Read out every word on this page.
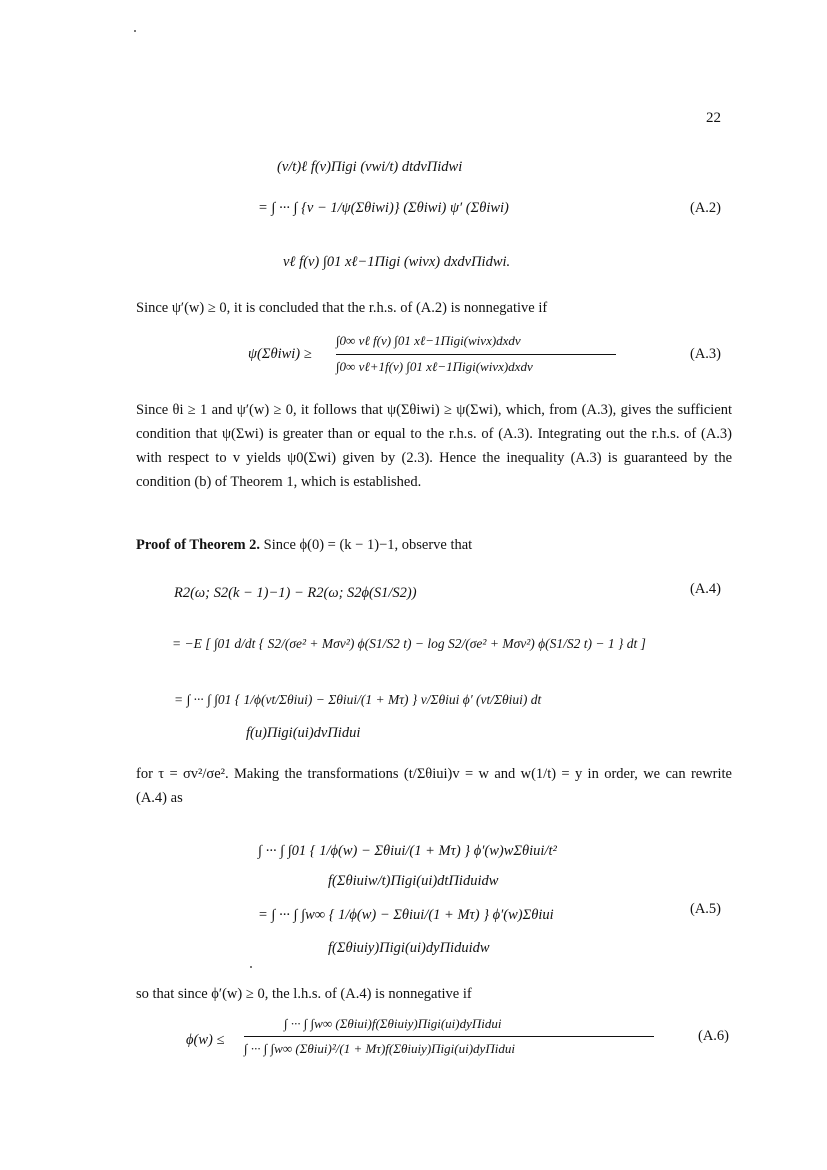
22
(v/t)ℓ f(v)Πigi (vwi/t) dtdvΠidwi
= ∫ ··· ∫ {v − 1/ψ(Σθiwi)} (Σθiwi) ψ′ (Σθiwi)	(A.2)
vℓ f(v) ∫01 xℓ−1Πigi (wivx) dxdvΠidwi.
Since ψ′(w) ≥ 0, it is concluded that the r.h.s. of (A.2) is nonnegative if
ψ(Σθiwi) ≥
∫0∞ vℓ f(v) ∫01 xℓ−1Πigi(wivx)dxdv
∫0∞ vℓ+1f(v) ∫01 xℓ−1Πigi(wivx)dxdv
(A.3)
Since θi ≥ 1 and ψ′(w) ≥ 0, it follows that ψ(Σθiwi) ≥ ψ(Σwi), which, from (A.3), gives the sufficient condition that ψ(Σwi) is greater than or equal to the r.h.s. of (A.3). Integrating out the r.h.s. of (A.3) with respect to v yields ψ0(Σwi) given by (2.3). Hence the inequality (A.3) is guaranteed by the condition (b) of Theorem 1, which is established.
Proof of Theorem 2. Since ϕ(0) = (k − 1)−1, observe that
R2(ω; S2(k − 1)−1) − R2(ω; S2ϕ(S1/S2))	(A.4)
= −E [ ∫01 d/dt { S2/(σe² + Mσv²) ϕ(S1/S2 t) − log S2/(σe² + Mσv²) ϕ(S1/S2 t) − 1 } dt ]
= ∫ ··· ∫ ∫01 { 1/ϕ(vt/Σθiui) − Σθiui/(1 + Mτ) } v/Σθiui ϕ′ (vt/Σθiui) dt
f(u)Πigi(ui)dvΠidui
for τ = σv²/σe². Making the transformations (t/Σθiui)v = w and w(1/t) = y in order, we can rewrite (A.4) as
∫ ··· ∫ ∫01 { 1/ϕ(w) − Σθiui/(1 + Mτ) } ϕ′(w)wΣθiui/t²
f(Σθiuiw/t)Πigi(ui)dtΠiduidw
= ∫ ··· ∫ ∫w∞ { 1/ϕ(w) − Σθiui/(1 + Mτ) } ϕ′(w)Σθiui	(A.5)
f(Σθiuiy)Πigi(ui)dyΠiduidw
so that since ϕ′(w) ≥ 0, the l.h.s. of (A.4) is nonnegative if
ϕ(w) ≤
∫ ··· ∫ ∫w∞ (Σθiui)f(Σθiuiy)Πigi(ui)dyΠidui
∫ ··· ∫ ∫w∞ (Σθiui)²/(1 + Mτ)f(Σθiuiy)Πigi(ui)dyΠidui
(A.6)
